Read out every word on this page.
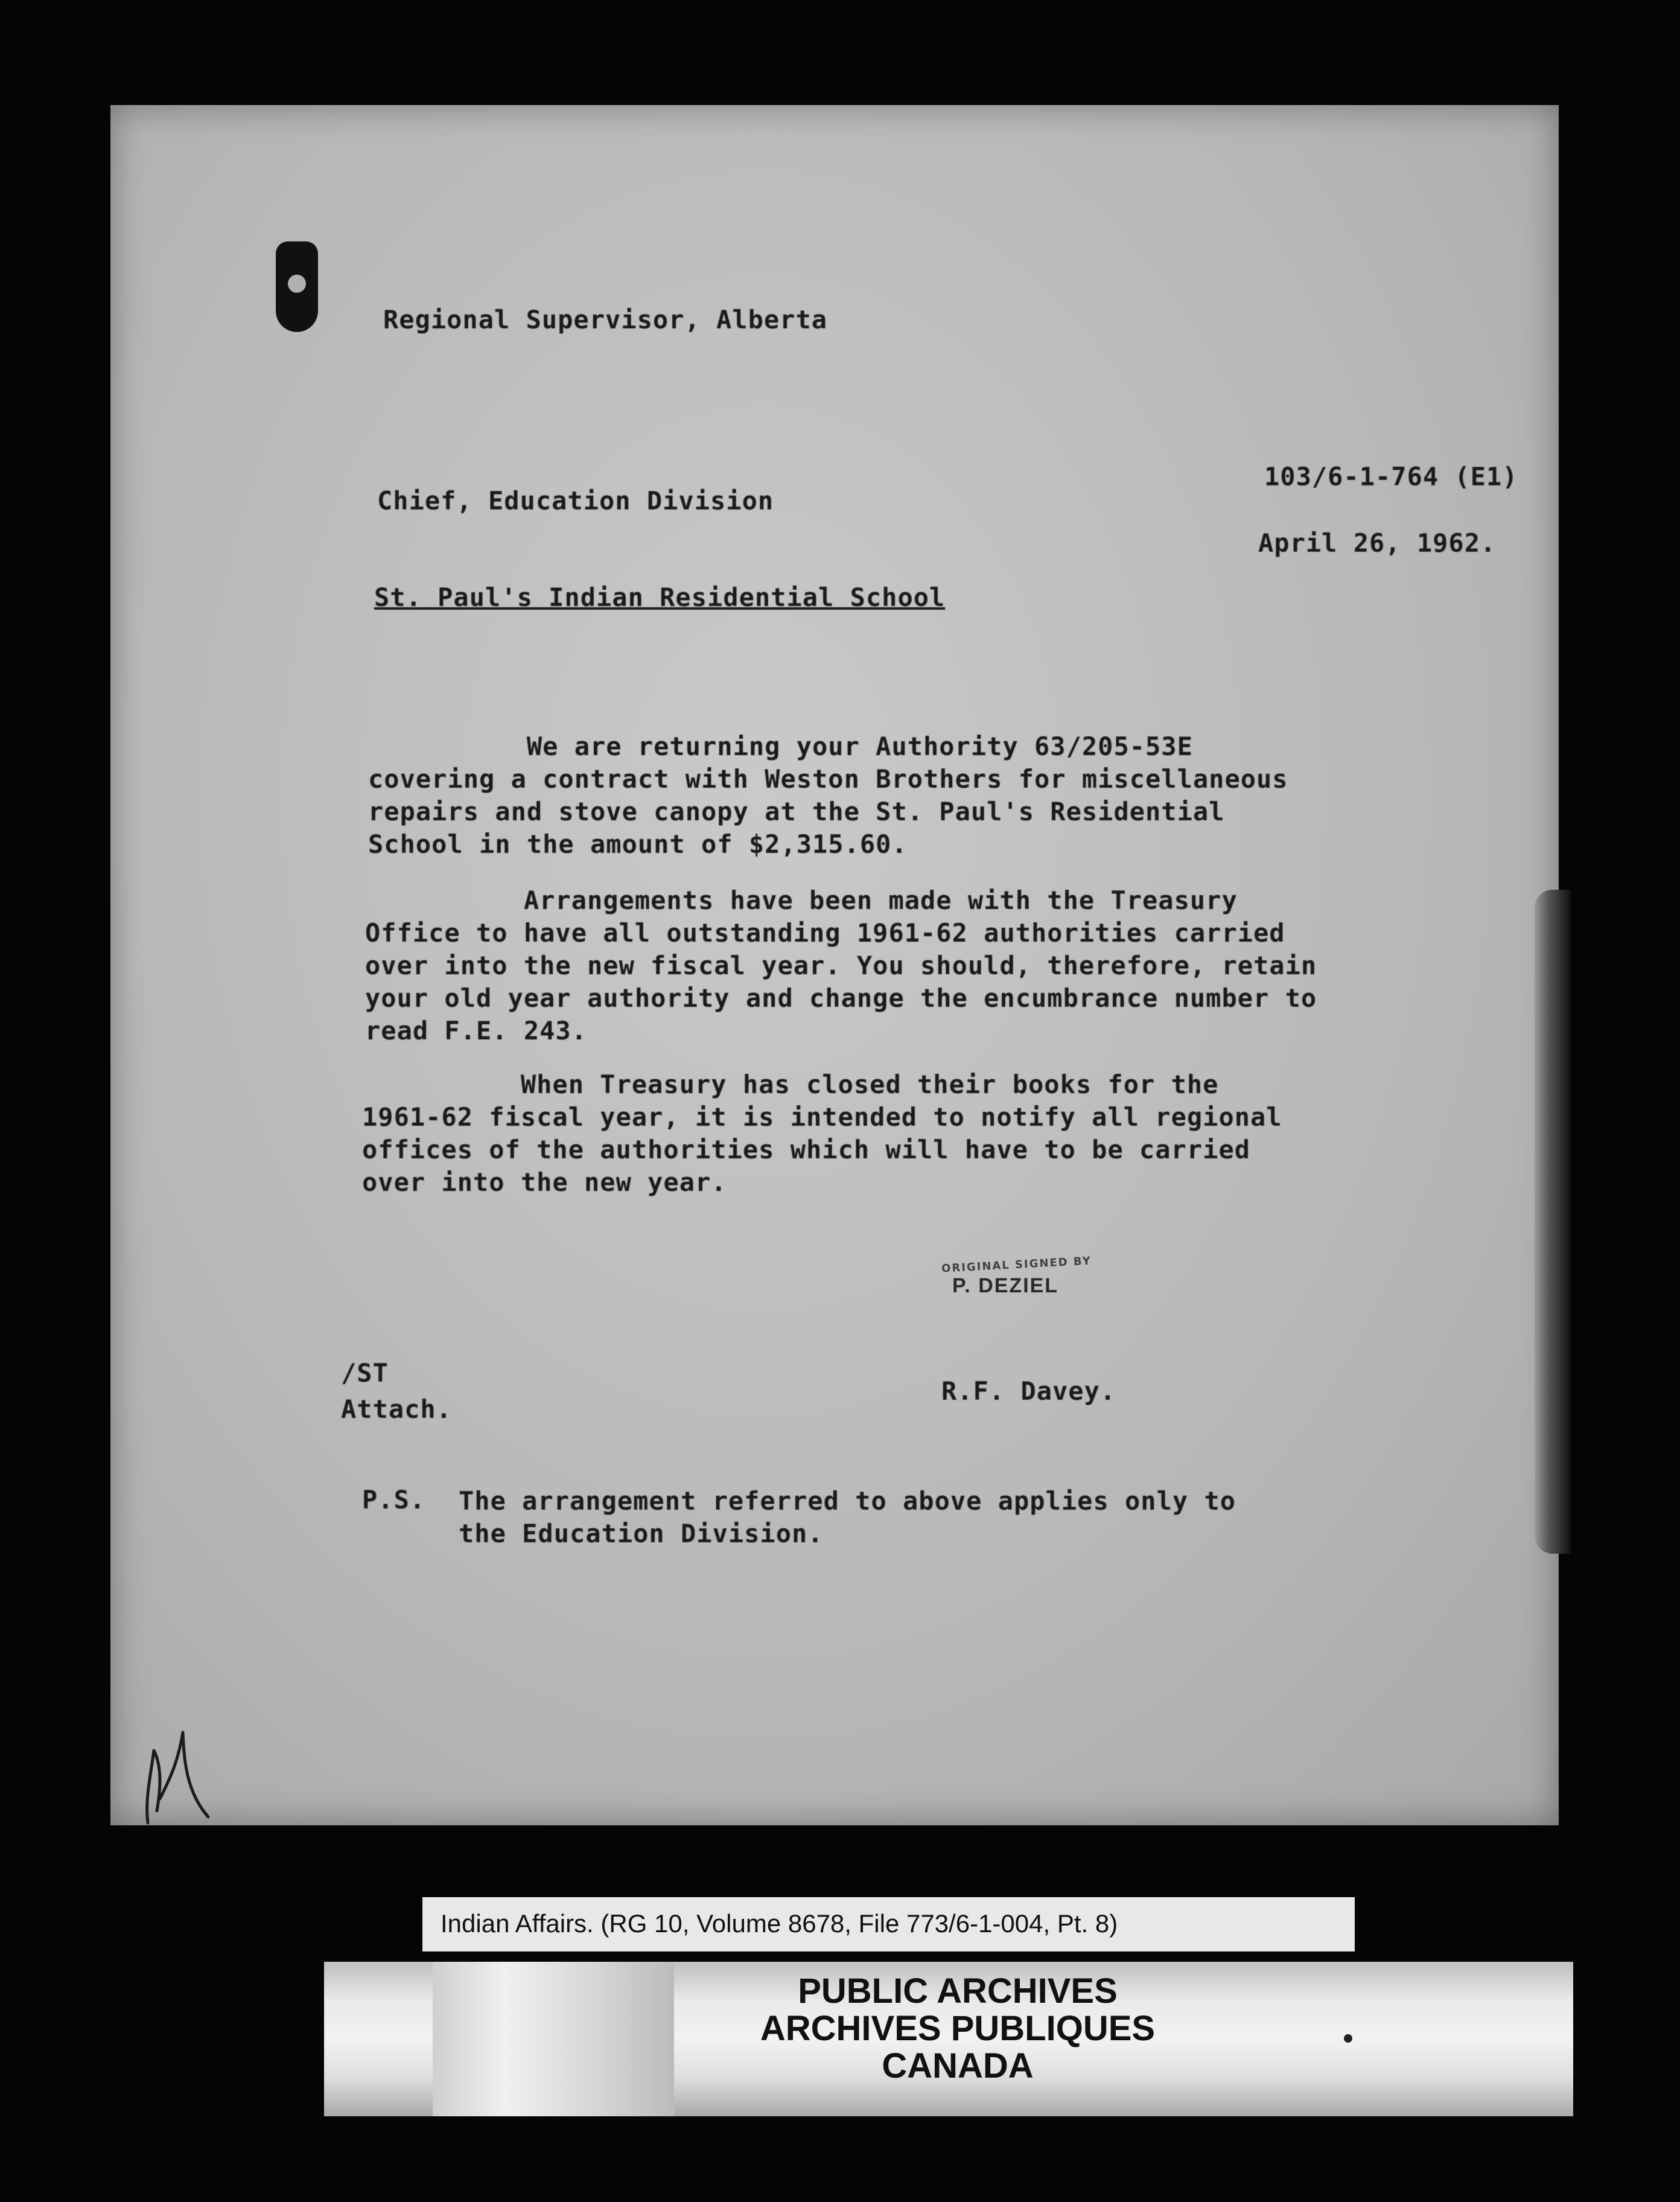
Regional Supervisor, Alberta
Chief, Education Division
103/6-1-764 (E1)
April 26, 1962.
St. Paul's Indian Residential School
We are returning your Authority 63/205-53E
covering a contract with Weston Brothers for miscellaneous
repairs and stove canopy at the St. Paul's Residential
School in the amount of $2,315.60.
Arrangements have been made with the Treasury
Office to have all outstanding 1961-62 authorities carried
over into the new fiscal year. You should, therefore, retain
your old year authority and change the encumbrance number to
read F.E. 243.
When Treasury has closed their books for the
1961-62 fiscal year, it is intended to notify all regional
offices of the authorities which will have to be carried
over into the new year.
ORIGINAL SIGNED BY
P. DEZIEL
/ST
Attach.
R.F. Davey.
P.S. The arrangement referred to above applies only to
the Education Division.
Indian Affairs. (RG 10, Volume 8678, File 773/6-1-004, Pt. 8)
PUBLIC ARCHIVES
ARCHIVES PUBLIQUES
CANADA
